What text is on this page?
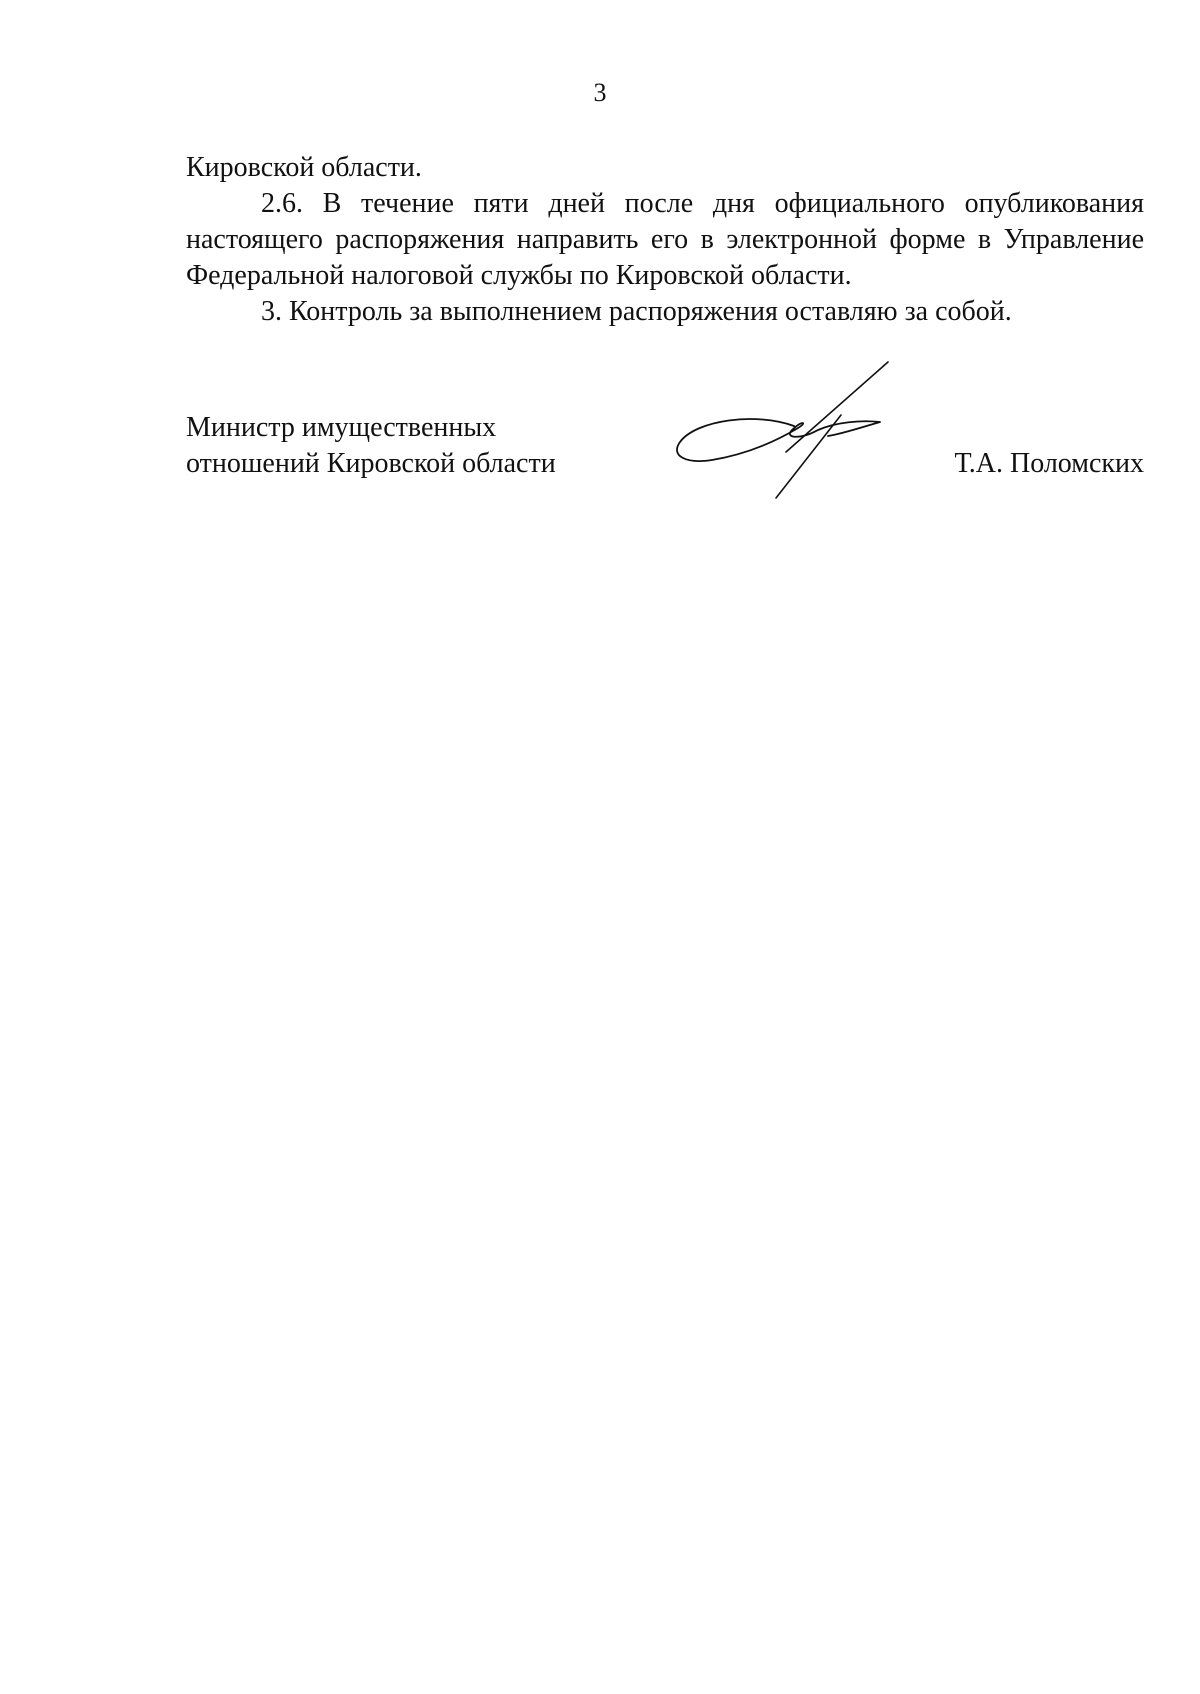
3

Кировской области.

2.6. В течение пяти дней после дня официального опубликования настоящего распоряжения направить его в электронной форме в Управление Федеральной налоговой службы по Кировской области.

3. Контроль за выполнением распоряжения оставляю за собой.

Министр имущественных
отношений Кировской области	Т.А. Поломских
